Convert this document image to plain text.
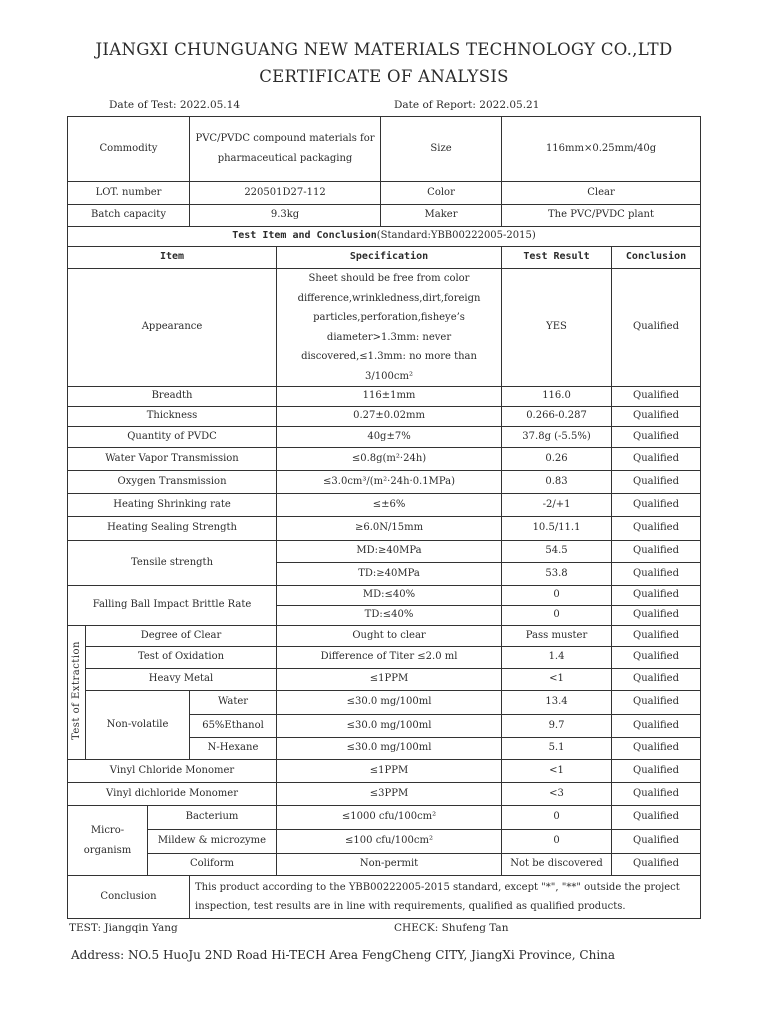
JIANGXI CHUNGUANG NEW MATERIALS TECHNOLOGY CO.,LTD
CERTIFICATE OF ANALYSIS
Date of Test: 2022.05.14	Date of Report: 2022.05.21
Commodity			PVC/PVDC compound materials for pharmaceutical packaging		Size	116mm×0.25mm/40g	
LOT. number			220501D27-112		Color	Clear	
Batch capacity			9.3kg		Maker	The PVC/PVDC plant	
Test Item and Conclusion(Standard:YBB00222005-2015)							
Item				Specification		Test Result	Conclusion
Appearance				Sheet should be free from color difference,wrinkledness,dirt,foreign particles,perforation,fisheye’s diameter>1.3mm: never discovered,≤1.3mm: no more than 3/100cm²		YES	Qualified
Breadth				116±1mm		116.0	Qualified
Thickness				0.27±0.02mm		0.266-0.287	Qualified
Quantity of PVDC				40g±7%		37.8g (-5.5%)	Qualified
Water Vapor Transmission				≤0.8g(m²·24h)		0.26	Qualified
Oxygen Transmission				≤3.0cm³/(m²·24h·0.1MPa)		0.83	Qualified
Heating Shrinking rate				≤±6%		-2/+1	Qualified
Heating Sealing Strength				≥6.0N/15mm		10.5/11.1	Qualified
Tensile strength				MD:≥40MPa		54.5	Qualified
				TD:≥40MPa		53.8	Qualified
Falling Ball Impact Brittle Rate				MD:≤40%		0	Qualified
				TD:≤40%		0	Qualified
Test of Extraction	Degree of Clear			Ought to clear		Pass muster	Qualified
	Test of Oxidation			Difference of Titer ≤2.0 ml		1.4	Qualified
	Heavy Metal			≤1PPM		<1	Qualified
	Non-volatile		Water	≤30.0 mg/100ml		13.4	Qualified
			65%Ethanol	≤30.0 mg/100ml		9.7	Qualified
			N-Hexane	≤30.0 mg/100ml		5.1	Qualified
Vinyl Chloride Monomer				≤1PPM		<1	Qualified
Vinyl dichloride Monomer				≤3PPM		<3	Qualified
Micro-organism		Bacterium		≤1000 cfu/100cm²		0	Qualified
		Mildew & microzyme		≤100 cfu/100cm²		0	Qualified
		Coliform		Non-permit		Not be discovered	Qualified
Conclusion			This product according to the YBB00222005-2015 standard, except "*", "**" outside the project inspection, test results are in line with requirements, qualified as qualified products.				
TEST: Jiangqin Yang	CHECK: Shufeng Tan
Address: NO.5 HuoJu 2ND Road Hi-TECH Area FengCheng CITY, JiangXi Province, China
